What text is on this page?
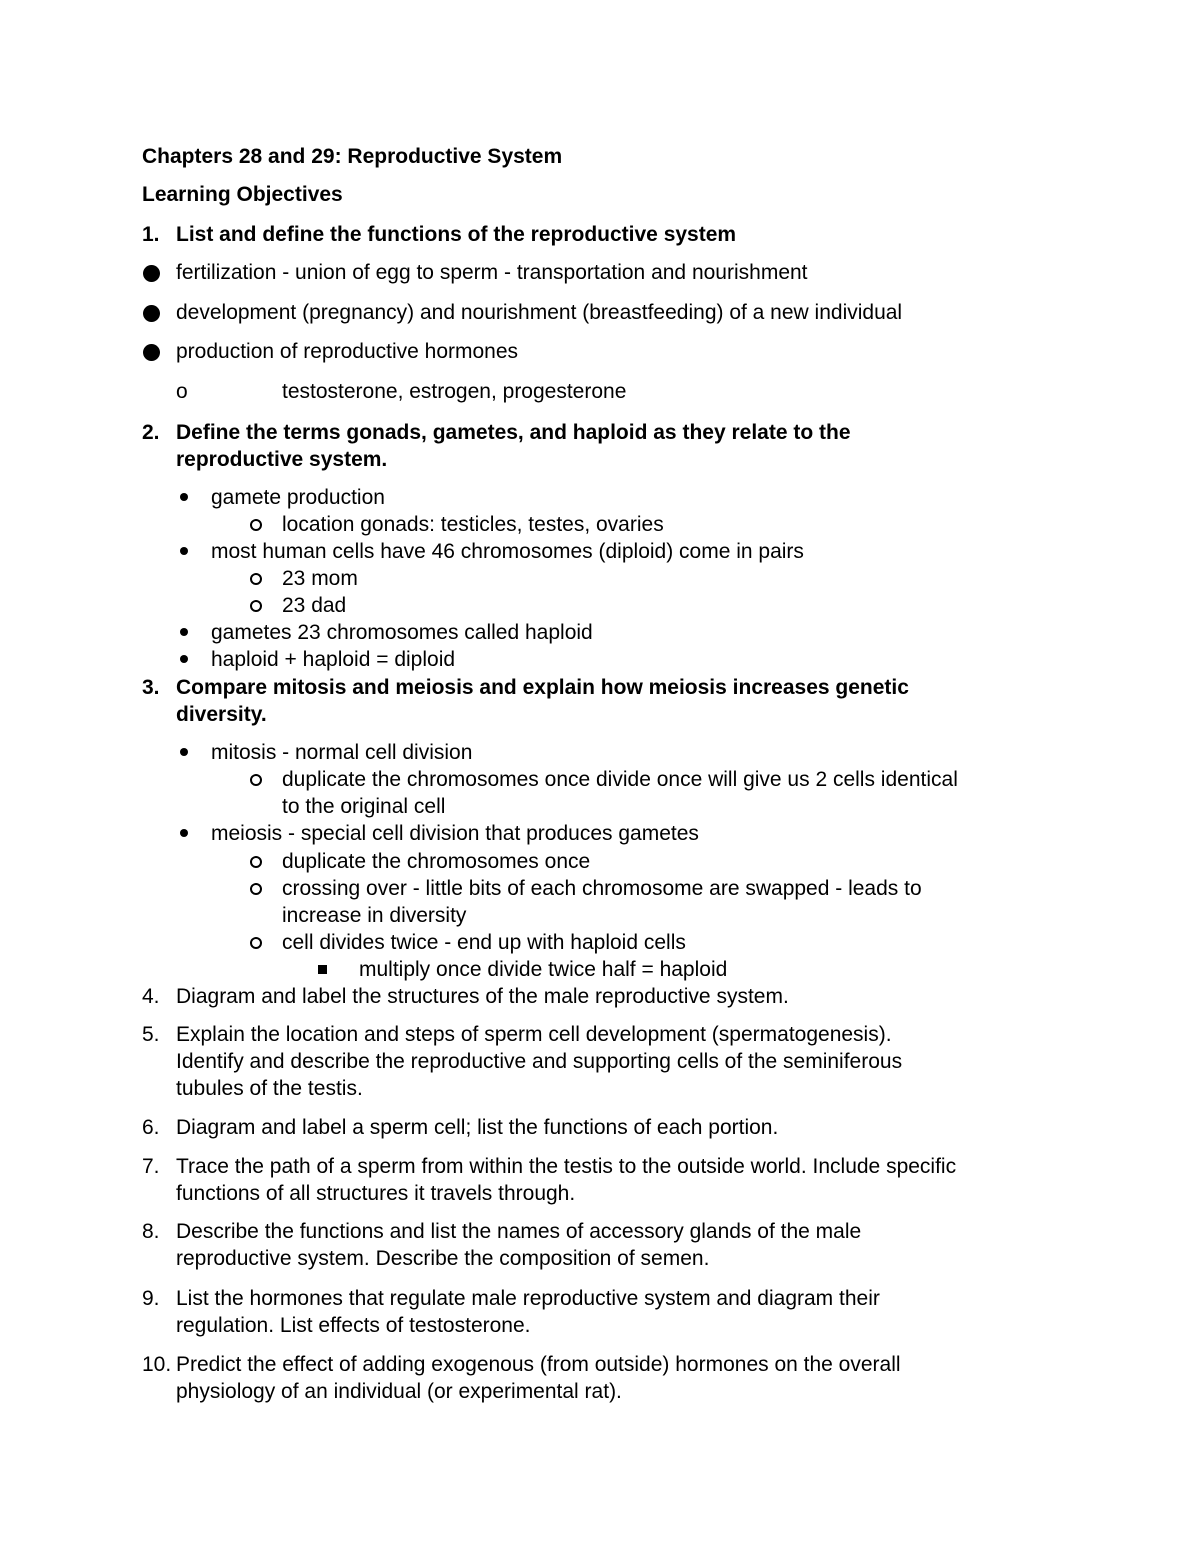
Chapters 28 and 29: Reproductive System
Learning Objectives
1. List and define the functions of the reproductive system
fertilization - union of egg to sperm - transportation and nourishment
development (pregnancy) and nourishment (breastfeeding) of a new individual
production of reproductive hormones
o	testosterone, estrogen, progesterone
2. Define the terms gonads, gametes, and haploid as they relate to the
reproductive system.
gamete production
location gonads: testicles, testes, ovaries
most human cells have 46 chromosomes (diploid) come in pairs
23 mom
23 dad
gametes 23 chromosomes called haploid
haploid + haploid = diploid
3. Compare mitosis and meiosis and explain how meiosis increases genetic
diversity.
mitosis - normal cell division
duplicate the chromosomes once divide once will give us 2 cells identical
to the original cell
meiosis - special cell division that produces gametes
duplicate the chromosomes once
crossing over - little bits of each chromosome are swapped - leads to
increase in diversity
cell divides twice - end up with haploid cells
multiply once divide twice half = haploid
4. Diagram and label the structures of the male reproductive system.
5. Explain the location and steps of sperm cell development (spermatogenesis).
Identify and describe the reproductive and supporting cells of the seminiferous
tubules of the testis.
6. Diagram and label a sperm cell; list the functions of each portion.
7. Trace the path of a sperm from within the testis to the outside world. Include specific
functions of all structures it travels through.
8. Describe the functions and list the names of accessory glands of the male
reproductive system. Describe the composition of semen.
9. List the hormones that regulate male reproductive system and diagram their
regulation. List effects of testosterone.
10. Predict the effect of adding exogenous (from outside) hormones on the overall
physiology of an individual (or experimental rat).
